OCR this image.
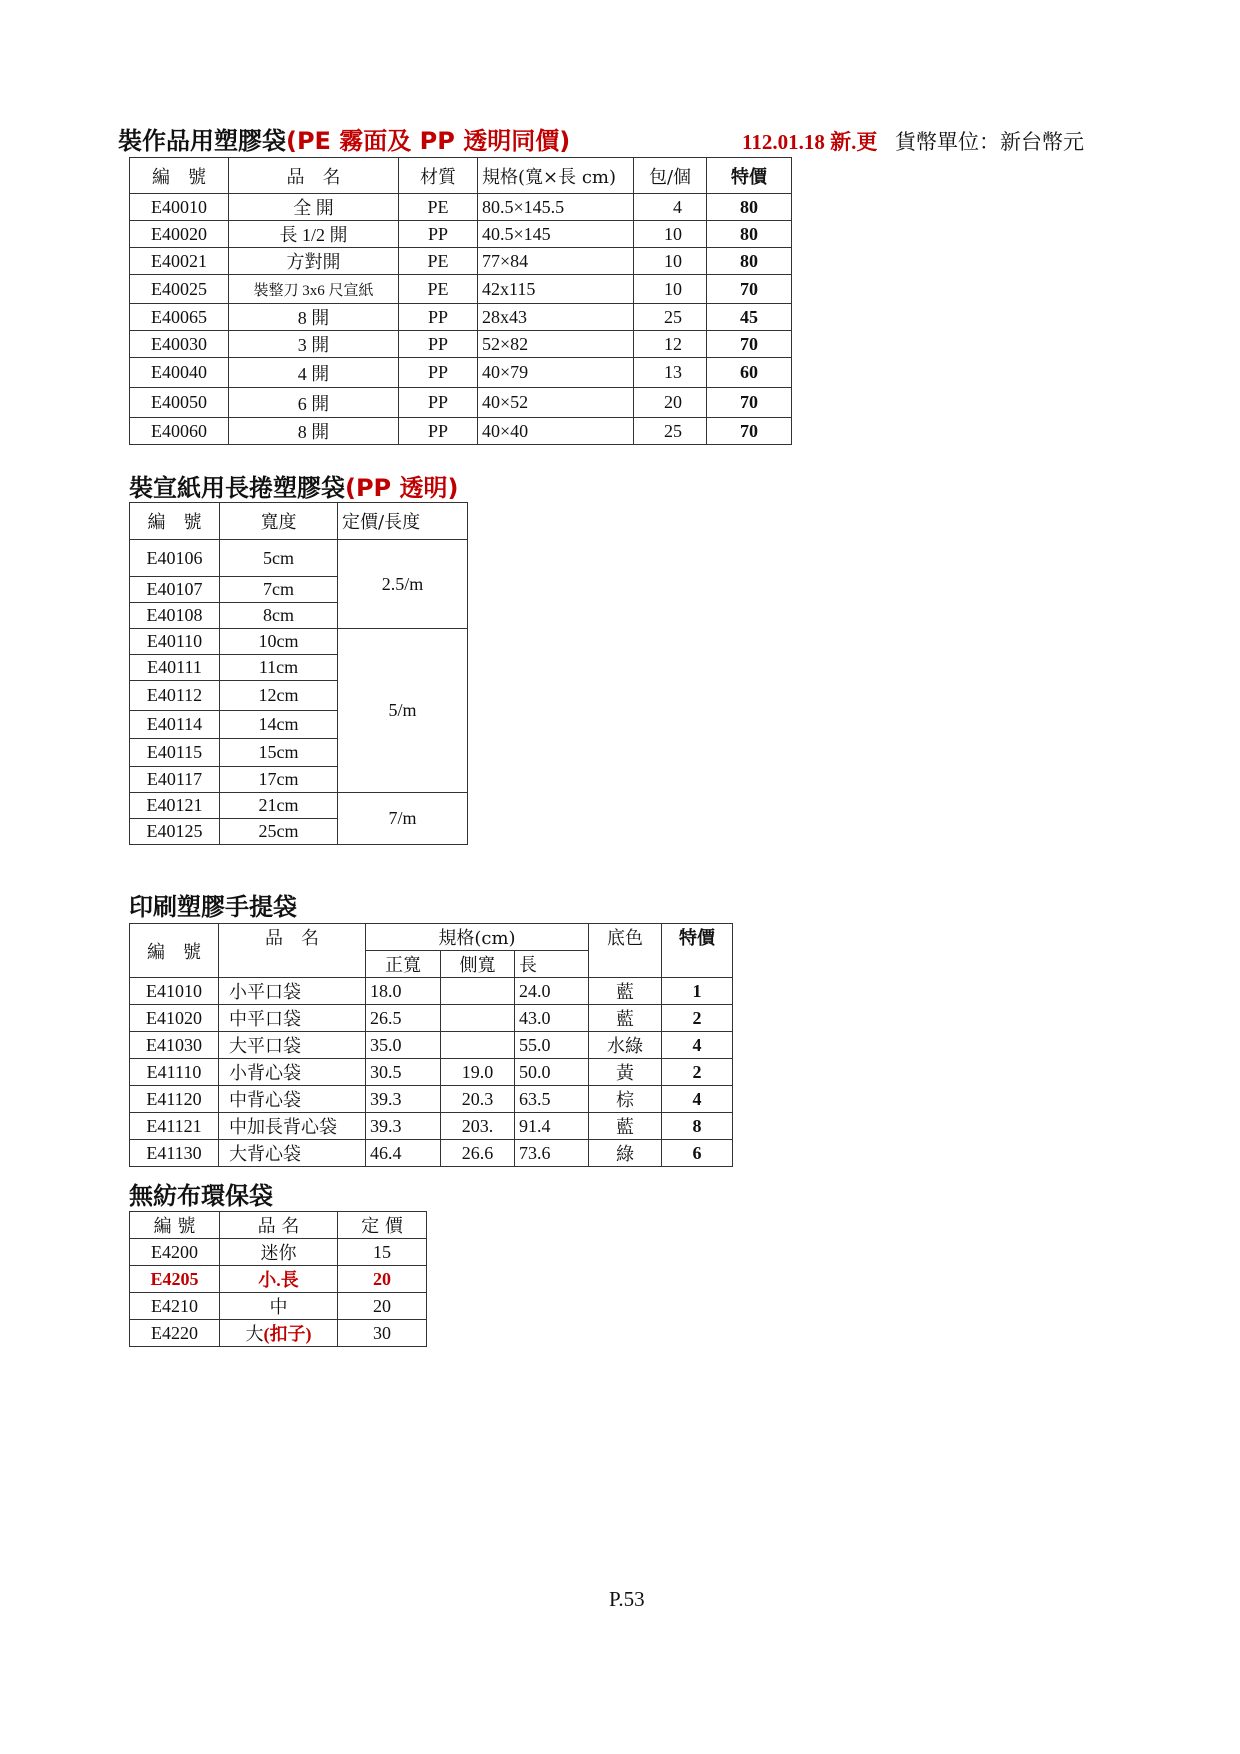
裝作品用塑膠袋(PE 霧面及 PP 透明同價)	112.01.18 新.更 貨幣單位：新台幣元
編　號	品　名	材質	規格(寬×長 cm)	包/個	特價
E40010	全 開	PE	80.5×145.5	4	80
E40020	長 1/2 開	PP	40.5×145	10	80
E40021	方對開	PE	77×84	10	80
E40025	裝整刀 3x6 尺宣紙	PE	42x115	10	70
E40065	8 開	PP	28x43	25	45
E40030	3 開	PP	52×82	12	70
E40040	4 開	PP	40×79	13	60
E40050	6 開	PP	40×52	20	70
E40060	8 開	PP	40×40	25	70
裝宣紙用長捲塑膠袋(PP 透明)
編　號	寬度	定價/長度
E40106	5cm	2.5/m
E40107	7cm	
E40108	8cm	
E40110	10cm	5/m
E40111	11cm	
E40112	12cm	
E40114	14cm	
E40115	15cm	
E40117	17cm	
E40121	21cm	7/m
E40125	25cm	
印刷塑膠手提袋
編　號	品　名	規格(cm)			底色	特價
		正寬	側寬	長		
E41010	小平口袋	18.0		24.0	藍	1
E41020	中平口袋	26.5		43.0	藍	2
E41030	大平口袋	35.0		55.0	水綠	4
E41110	小背心袋	30.5	19.0	50.0	黃	2
E41120	中背心袋	39.3	20.3	63.5	棕	4
E41121	中加長背心袋	39.3	203.	91.4	藍	8
E41130	大背心袋	46.4	26.6	73.6	綠	6
無紡布環保袋
編 號	品 名	定 價
E4200	迷你	15
E4205	小.長	20
E4210	中	20
E4220	大(扣子)	30
P.53
